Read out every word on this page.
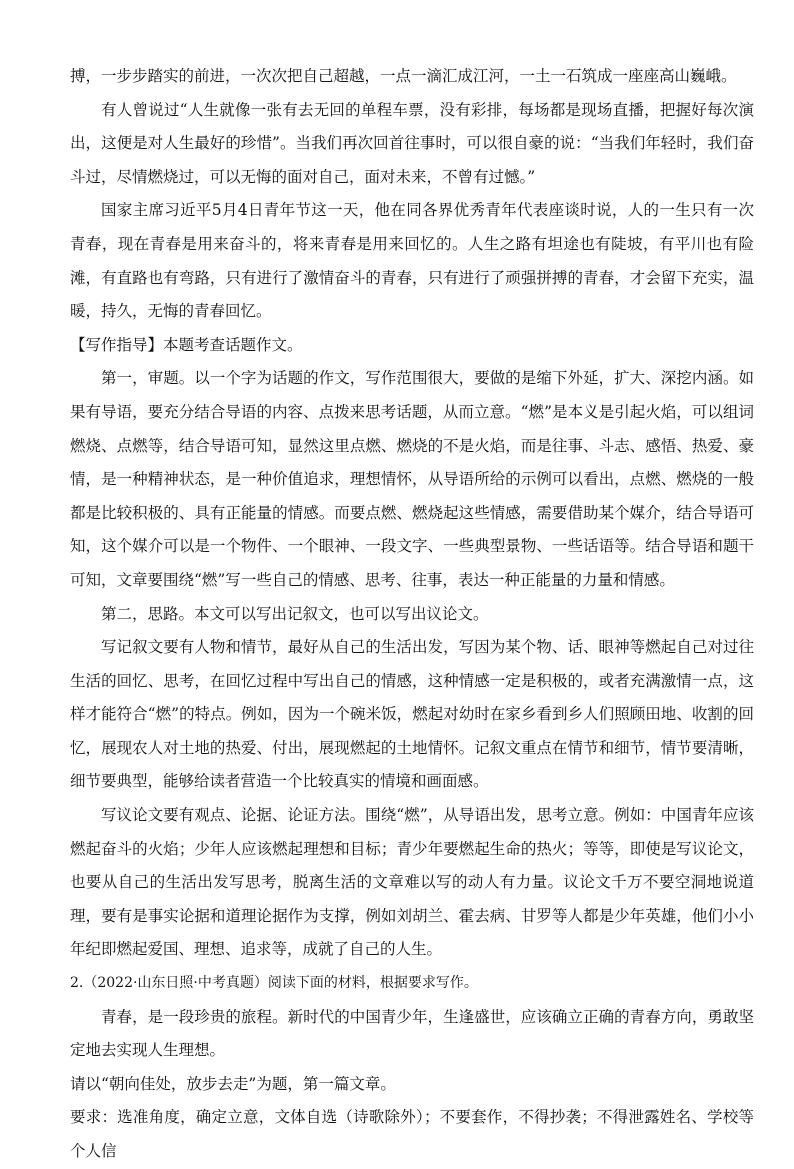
搏，一步步踏实的前进，一次次把自己超越，一点一滴汇成江河，一土一石筑成一座座高山巍峨。

有人曾说过“人生就像一张有去无回的单程车票，没有彩排，每场都是现场直播，把握好每次演出，这便是对人生最好的珍惜”。当我们再次回首往事时，可以很自豪的说：“当我们年轻时，我们奋斗过，尽情燃烧过，可以无悔的面对自己，面对未来，不曾有过憾。”

国家主席习近平5月4日青年节这一天，他在同各界优秀青年代表座谈时说，人的一生只有一次青春，现在青春是用来奋斗的，将来青春是用来回忆的。人生之路有坦途也有陡坡，有平川也有险滩，有直路也有弯路，只有进行了激情奋斗的青春，只有进行了顽强拼搏的青春，才会留下充实，温暖，持久，无悔的青春回忆。

【写作指导】本题考查话题作文。

第一，审题。以一个字为话题的作文，写作范围很大，要做的是缩下外延，扩大、深挖内涵。如果有导语，要充分结合导语的内容、点拨来思考话题，从而立意。“燃”是本义是引起火焰，可以组词燃烧、点燃等，结合导语可知，显然这里点燃、燃烧的不是火焰，而是往事、斗志、感悟、热爱、豪情，是一种精神状态，是一种价值追求，理想情怀，从导语所给的示例可以看出，点燃、燃烧的一般都是比较积极的、具有正能量的情感。而要点燃、燃烧起这些情感，需要借助某个媒介，结合导语可知，这个媒介可以是一个物件、一个眼神、一段文字、一些典型景物、一些话语等。结合导语和题干可知，文章要围绕“燃”写一些自己的情感、思考、往事，表达一种正能量的力量和情感。

第二，思路。本文可以写出记叙文，也可以写出议论文。

写记叙文要有人物和情节，最好从自己的生活出发，写因为某个物、话、眼神等燃起自己对过往生活的回忆、思考，在回忆过程中写出自己的情感，这种情感一定是积极的，或者充满激情一点，这样才能符合“燃”的特点。例如，因为一个碗米饭，燃起对幼时在家乡看到乡人们照顾田地、收割的回忆，展现农人对土地的热爱、付出，展现燃起的土地情怀。记叙文重点在情节和细节，情节要清晰，细节要典型，能够给读者营造一个比较真实的情境和画面感。

写议论文要有观点、论据、论证方法。围绕“燃”，从导语出发，思考立意。例如：中国青年应该燃起奋斗的火焰；少年人应该燃起理想和目标；青少年要燃起生命的热火；等等，即使是写议论文，也要从自己的生活出发写思考，脱离生活的文章难以写的动人有力量。议论文千万不要空洞地说道理，要有是事实论据和道理论据作为支撑，例如刘胡兰、霍去病、甘罗等人都是少年英雄，他们小小年纪即燃起爱国、理想、追求等，成就了自己的人生。

2.（2022·山东日照·中考真题）阅读下面的材料，根据要求写作。

青春，是一段珍贵的旅程。新时代的中国青少年，生逢盛世，应该确立正确的青春方向，勇敢坚定地去实现人生理想。

请以“朝向佳处，放步去走”为题，第一篇文章。

要求：选准角度，确定立意，文体自选（诗歌除外）；不要套作，不得抄袭；不得泄露姓名、学校等个人信
